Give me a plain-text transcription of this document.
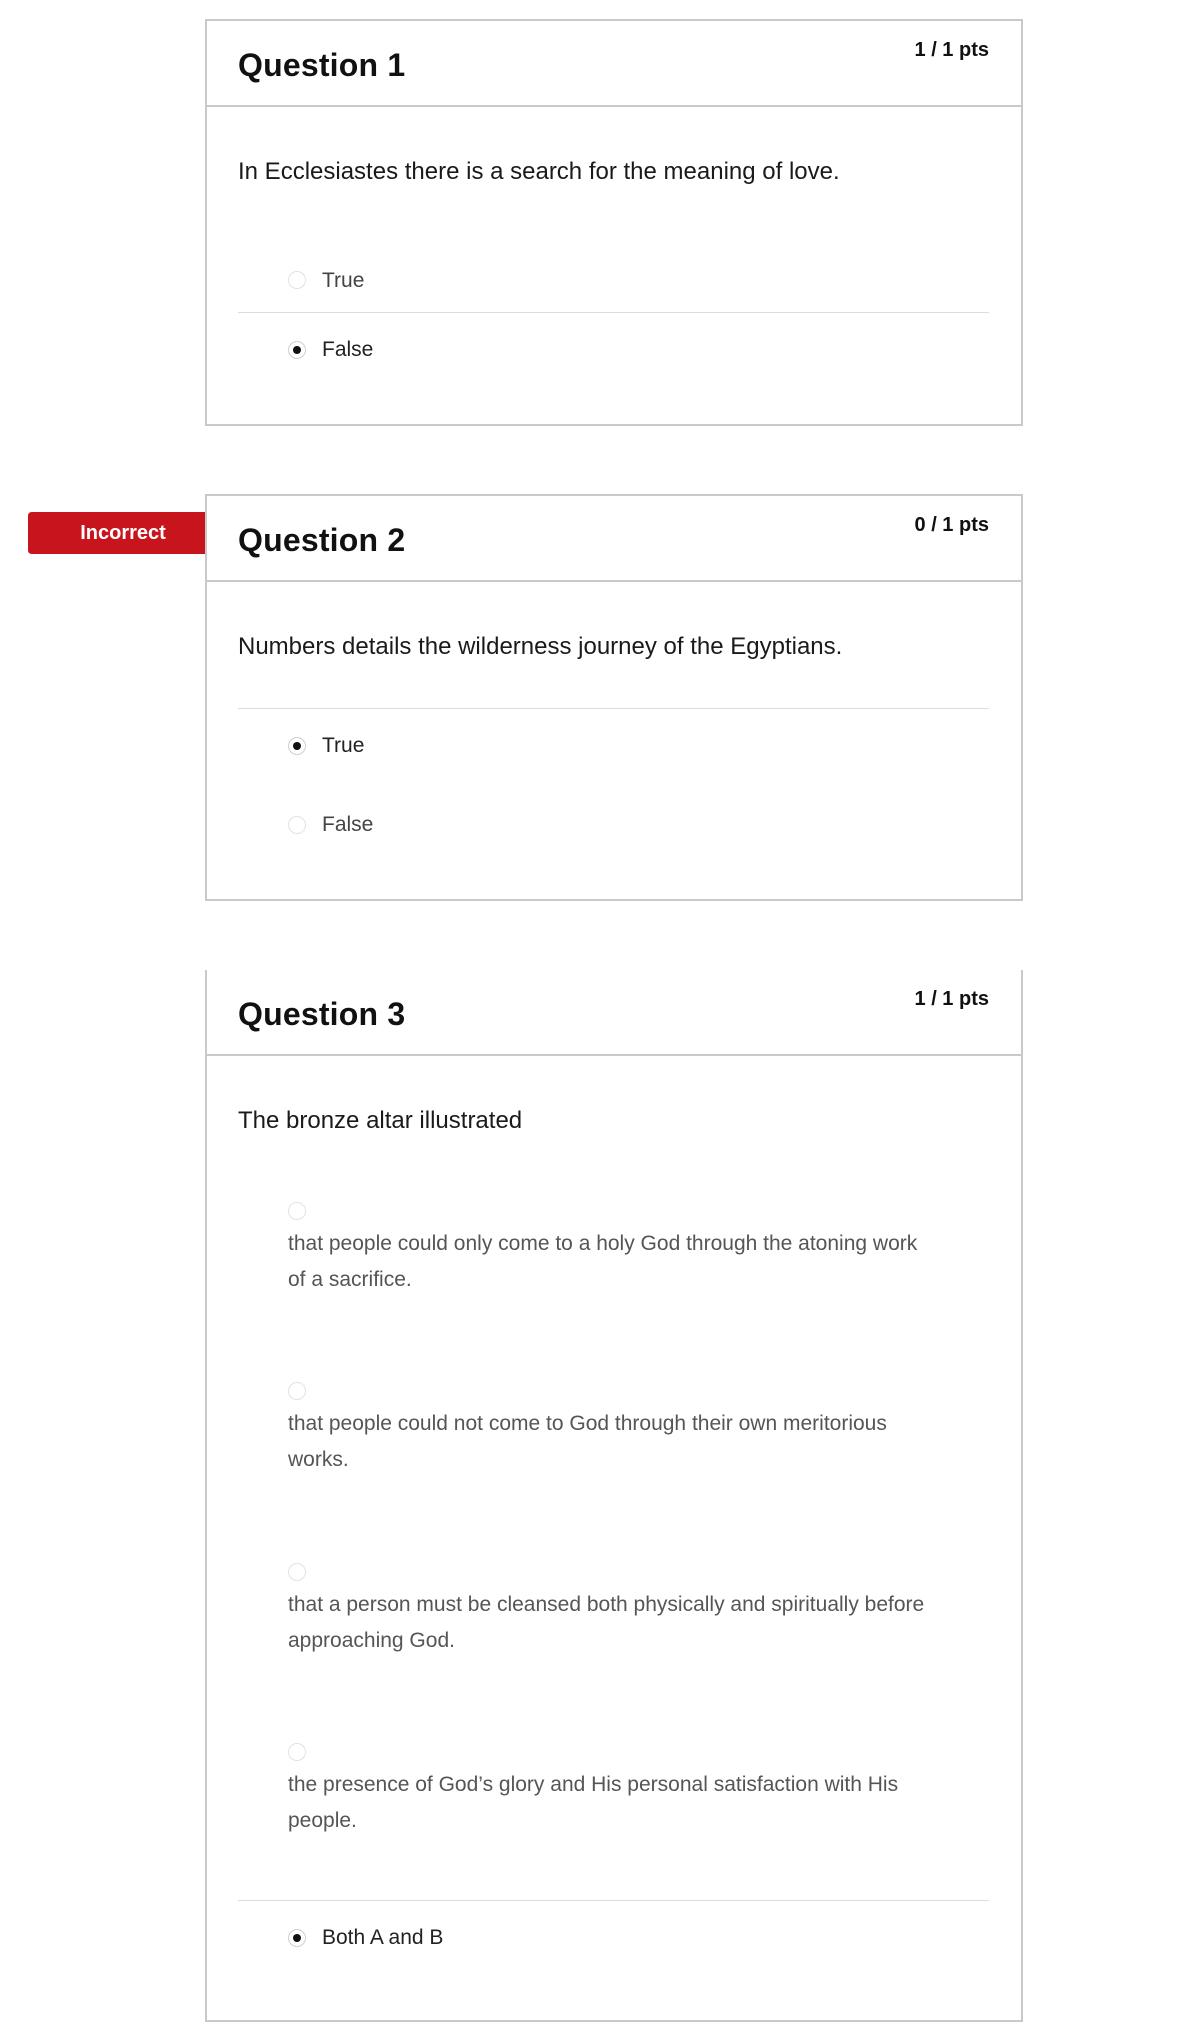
Question 1	1 / 1 pts
In Ecclesiastes there is a search for the meaning of love.
True
False
Incorrect	Question 2	0 / 1 pts
Numbers details the wilderness journey of the Egyptians.
True
False
Question 3	1 / 1 pts
The bronze altar illustrated
that people could only come to a holy God through the atoning work of a sacrifice.
that people could not come to God through their own meritorious works.
that a person must be cleansed both physically and spiritually before approaching God.
the presence of God’s glory and His personal satisfaction with His people.
Both A and B
